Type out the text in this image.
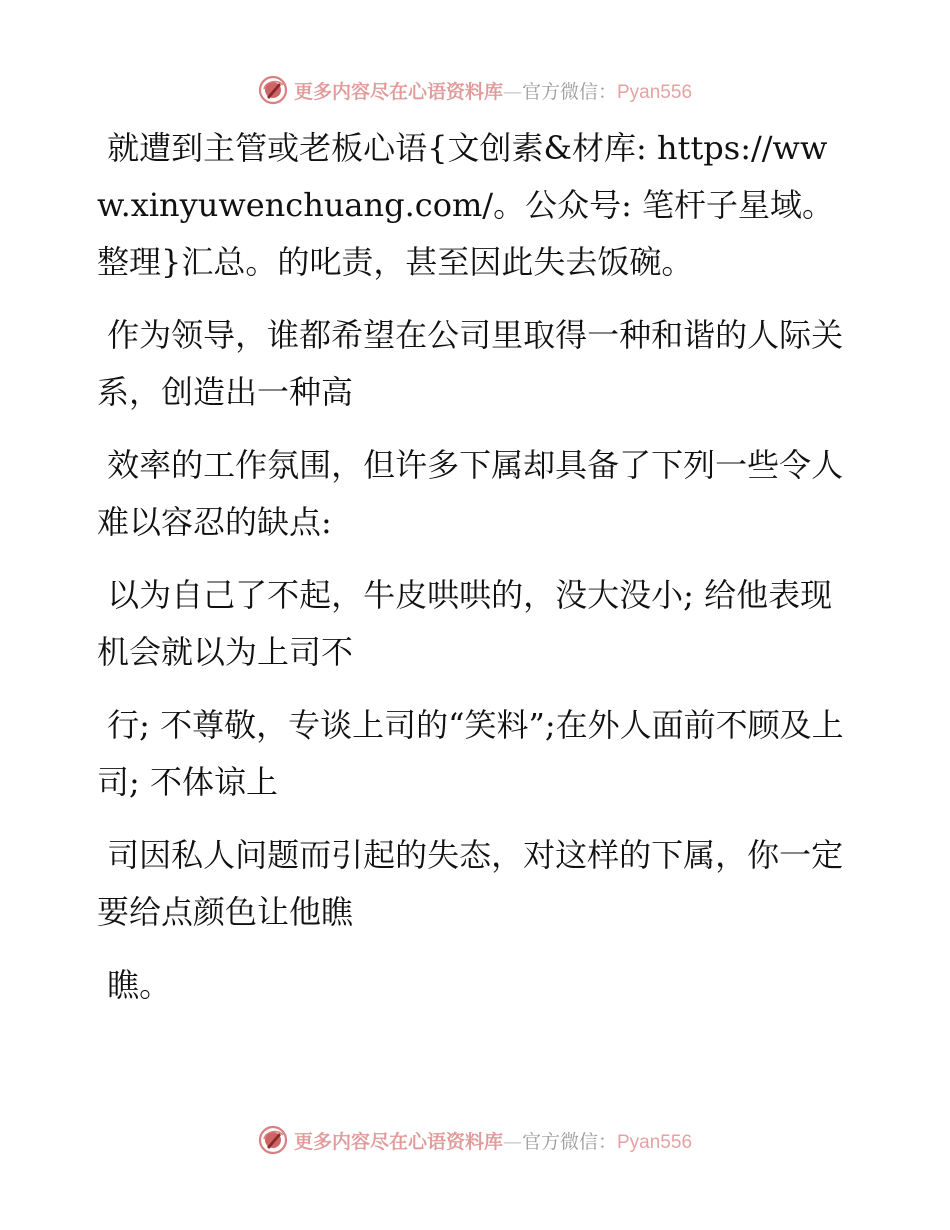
更多内容尽在心语资料库—官方微信：Pyan556

就遭到主管或老板心语{文创素&材库: https://www.xinyuwenchuang.com/。公众号: 笔杆子星域。整理}汇总。的叱责，甚至因此失去饭碗。

作为领导，谁都希望在公司里取得一种和谐的人际关系，创造出一种高

效率的工作氛围，但许多下属却具备了下列一些令人难以容忍的缺点:

以为自己了不起，牛皮哄哄的，没大没小; 给他表现机会就以为上司不

行; 不尊敬，专谈上司的“笑料”;在外人面前不顾及上司; 不体谅上

司因私人问题而引起的失态，对这样的下属，你一定要给点颜色让他瞧

瞧。

更多内容尽在心语资料库—官方微信：Pyan556
